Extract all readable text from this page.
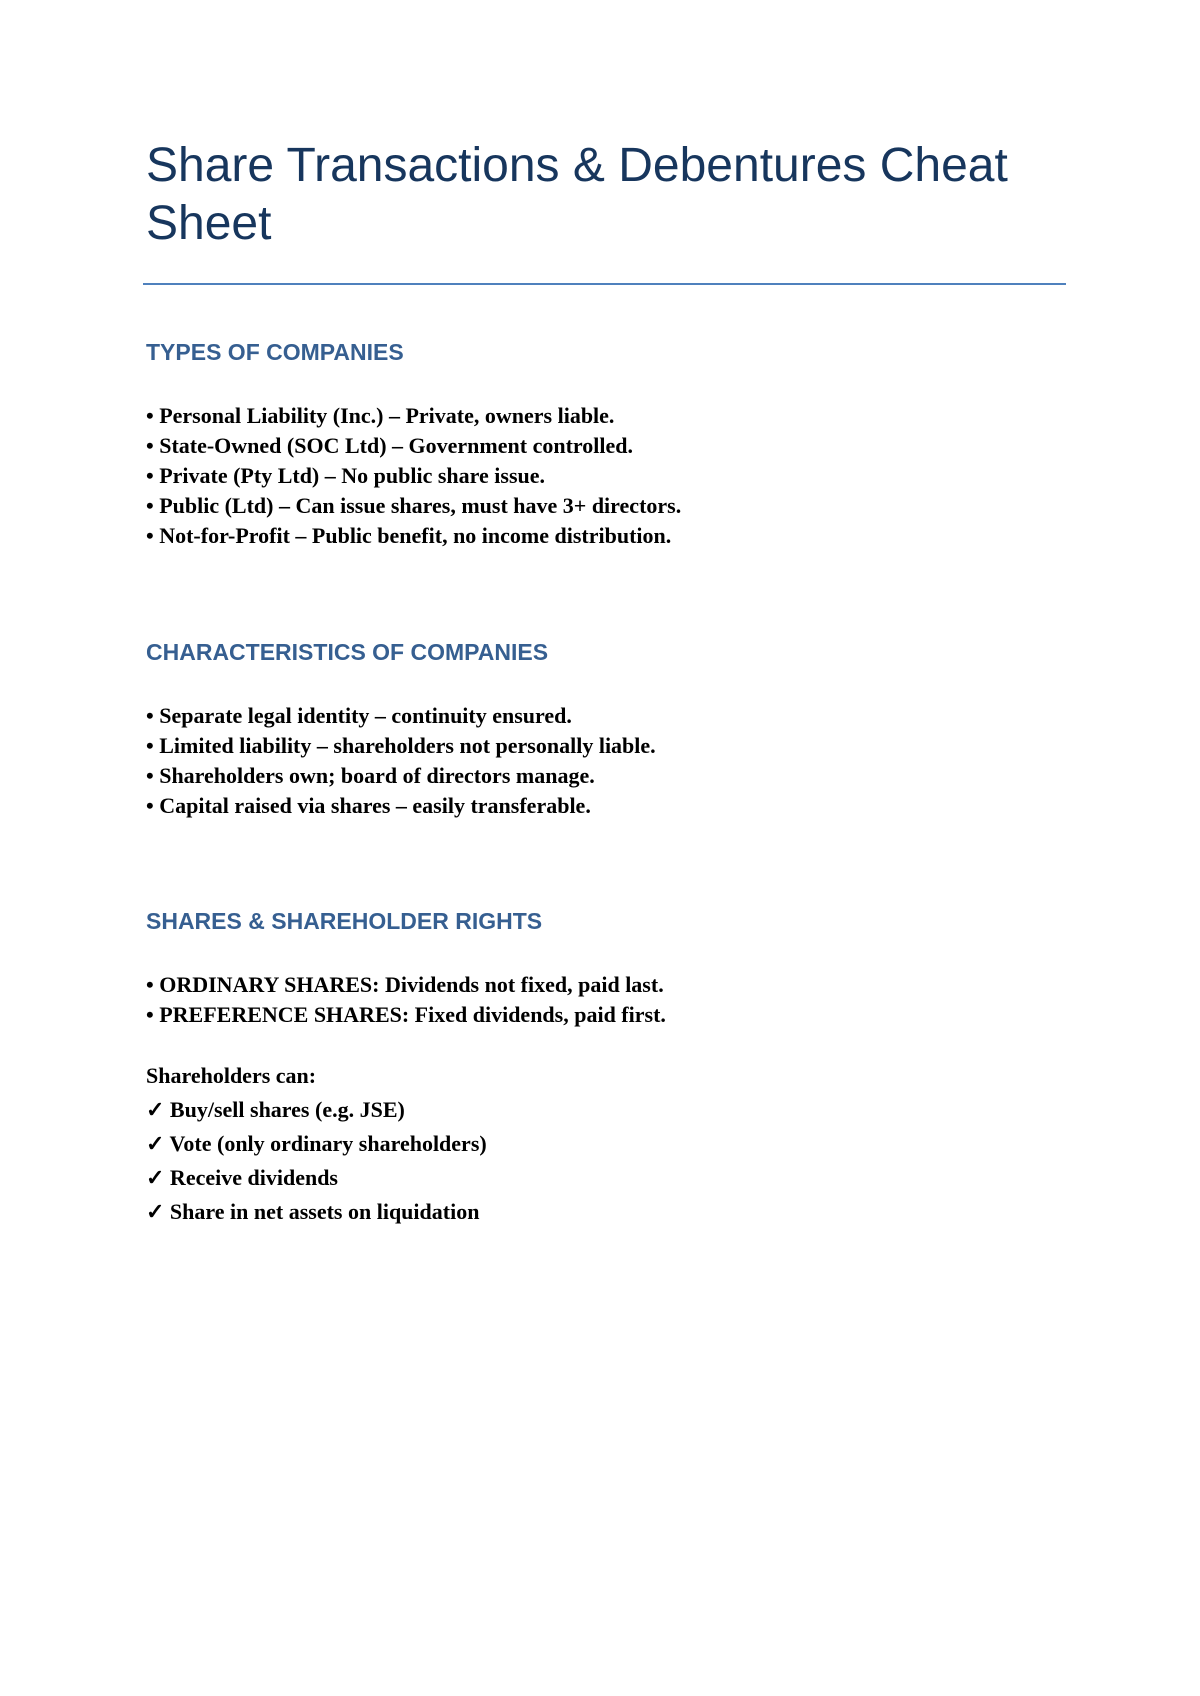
Share Transactions & Debentures Cheat Sheet
TYPES OF COMPANIES
• Personal Liability (Inc.) – Private, owners liable.
• State-Owned (SOC Ltd) – Government controlled.
• Private (Pty Ltd) – No public share issue.
• Public (Ltd) – Can issue shares, must have 3+ directors.
• Not-for-Profit – Public benefit, no income distribution.
CHARACTERISTICS OF COMPANIES
• Separate legal identity – continuity ensured.
• Limited liability – shareholders not personally liable.
• Shareholders own; board of directors manage.
• Capital raised via shares – easily transferable.
SHARES & SHAREHOLDER RIGHTS
• ORDINARY SHARES: Dividends not fixed, paid last.
• PREFERENCE SHARES: Fixed dividends, paid first.

Shareholders can:

✓ Buy/sell shares (e.g. JSE)
✓ Vote (only ordinary shareholders)
✓ Receive dividends
✓ Share in net assets on liquidation
